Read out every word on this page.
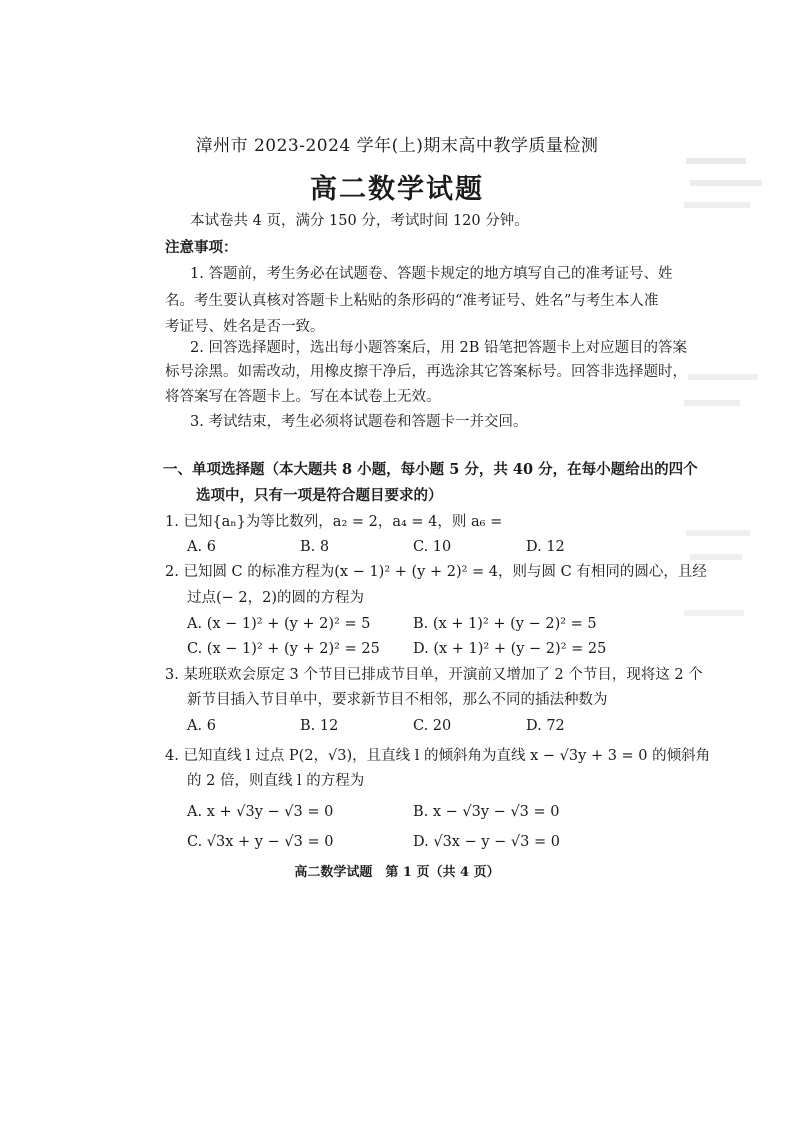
漳州市 2023-2024 学年(上)期末高中教学质量检测
高二数学试题
本试卷共 4 页，满分 150 分，考试时间 120 分钟。
注意事项：
1. 答题前，考生务必在试题卷、答题卡规定的地方填写自己的准考证号、姓
名。考生要认真核对答题卡上粘贴的条形码的“准考证号、姓名”与考生本人准
考证号、姓名是否一致。
2. 回答选择题时，选出每小题答案后，用 2B 铅笔把答题卡上对应题目的答案
标号涂黑。如需改动，用橡皮擦干净后，再选涂其它答案标号。回答非选择题时，
将答案写在答题卡上。写在本试卷上无效。
3. 考试结束，考生必须将试题卷和答题卡一并交回。
一、单项选择题（本大题共 8 小题，每小题 5 分，共 40 分，在每小题给出的四个
选项中，只有一项是符合题目要求的）
1. 已知{aₙ}为等比数列，a₂ = 2，a₄ = 4，则 a₆ =
A. 6	B. 8	C. 10	D. 12
2. 已知圆 C 的标准方程为(x − 1)² + (y + 2)² = 4，则与圆 C 有相同的圆心，且经
过点(− 2，2)的圆的方程为
A. (x − 1)² + (y + 2)² = 5	B. (x + 1)² + (y − 2)² = 5
C. (x − 1)² + (y + 2)² = 25 D. (x + 1)² + (y − 2)² = 25
3. 某班联欢会原定 3 个节目已排成节目单，开演前又增加了 2 个节目，现将这 2 个
新节目插入节目单中，要求新节目不相邻，那么不同的插法种数为
A. 6	B. 12	C. 20	D. 72
4. 已知直线 l 过点 P(2，√3)，且直线 l 的倾斜角为直线 x − √3y + 3 = 0 的倾斜角
的 2 倍，则直线 l 的方程为
A. x + √3y − √3 = 0	B. x − √3y − √3 = 0
C. √3x + y − √3 = 0	D. √3x − y − √3 = 0
高二数学试题　第 1 页（共 4 页）
